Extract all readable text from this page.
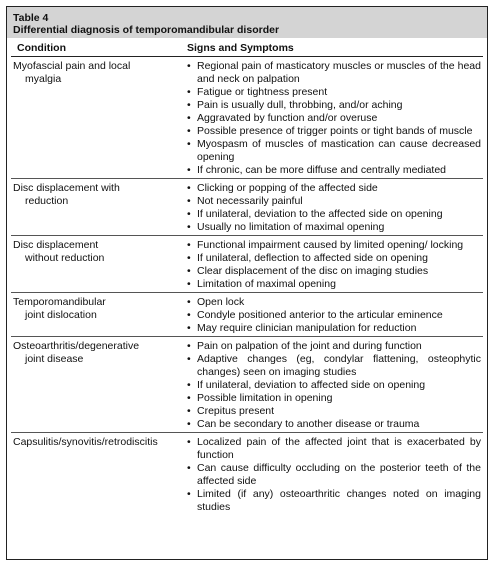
Table 4
Differential diagnosis of temporomandibular disorder
Condition	Signs and Symptoms
Myofascial pain and local
myalgia
• Regional pain of masticatory muscles or muscles of the head and neck on palpation
• Fatigue or tightness present
• Pain is usually dull, throbbing, and/or aching
• Aggravated by function and/or overuse
• Possible presence of trigger points or tight bands of muscle
• Myospasm of muscles of mastication can cause decreased opening
• If chronic, can be more diffuse and centrally mediated
Disc displacement with
reduction
• Clicking or popping of the affected side
• Not necessarily painful
• If unilateral, deviation to the affected side on opening
• Usually no limitation of maximal opening
Disc displacement
without reduction
• Functional impairment caused by limited opening/ locking
• If unilateral, deflection to affected side on opening
• Clear displacement of the disc on imaging studies
• Limitation of maximal opening
Temporomandibular
joint dislocation
• Open lock
• Condyle positioned anterior to the articular eminence
• May require clinician manipulation for reduction
Osteoarthritis/degenerative
joint disease
• Pain on palpation of the joint and during function
• Adaptive changes (eg, condylar flattening, osteophytic changes) seen on imaging studies
• If unilateral, deviation to affected side on opening
• Possible limitation in opening
• Crepitus present
• Can be secondary to another disease or trauma
Capsulitis/synovitis/retrodiscitis
•	Localized pain of the affected joint that is exacerbated by function
• Can cause difficulty occluding on the posterior teeth of the affected side
• Limited (if any) osteoarthritic changes noted on imaging studies
